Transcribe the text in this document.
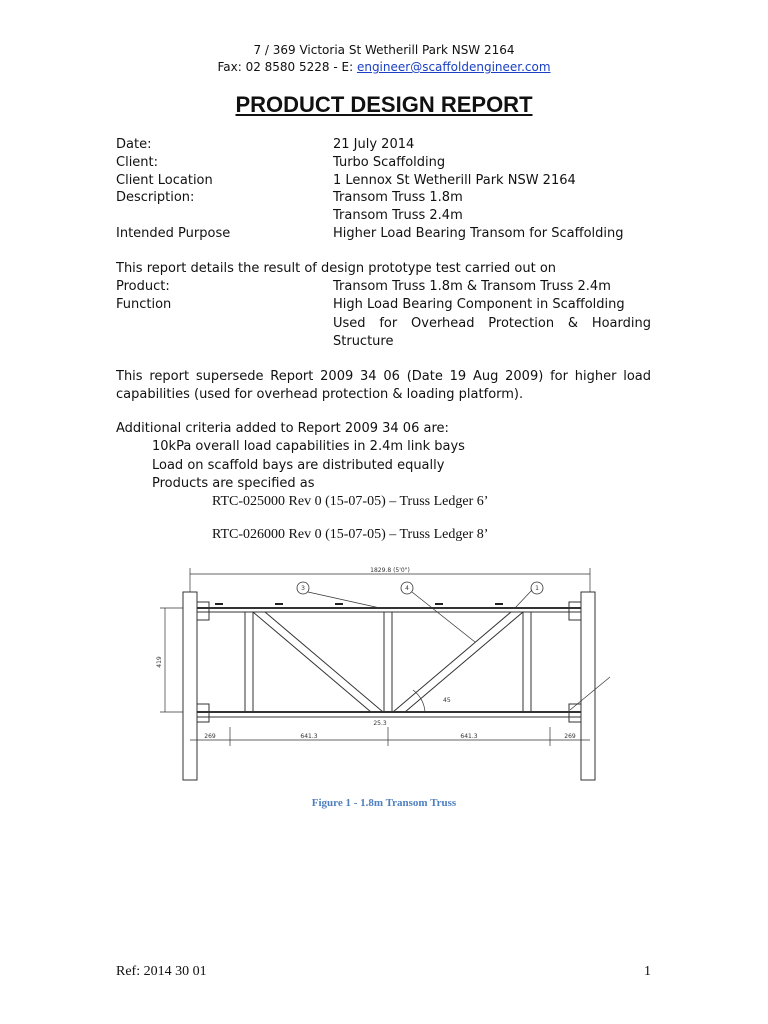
7 / 369 Victoria St Wetherill Park NSW 2164
Fax: 02 8580 5228 - E: engineer@scaffoldengineer.com
PRODUCT DESIGN REPORT
Date:	21 July 2014
Client:	Turbo Scaffolding
Client Location	1 Lennox St Wetherill Park NSW 2164
Description:	Transom Truss 1.8m
Transom Truss 2.4m
Intended Purpose	Higher Load Bearing Transom for Scaffolding
This report details the result of design prototype test carried out on
Product:	Transom Truss 1.8m & Transom Truss 2.4m
Function	High Load Bearing Component in Scaffolding
Used for Overhead Protection & Hoarding Structure
This report supersede Report 2009 34 06 (Date 19 Aug 2009) for higher load capabilities (used for overhead protection & loading platform).
Additional criteria added to Report 2009 34 06 are:
10kPa overall load capabilities in 2.4m link bays
Load on scaffold bays are distributed equally
Products are specified as
RTC-025000 Rev 0 (15-07-05) – Truss Ledger 6’
RTC-026000 Rev 0 (15-07-05) – Truss Ledger 8’
1829.8 (5'0")
269	641.3	641.3	269
25.3
419
45
3	4	1
Figure 1 - 1.8m Transom Truss
Ref: 2014 30 01	1
